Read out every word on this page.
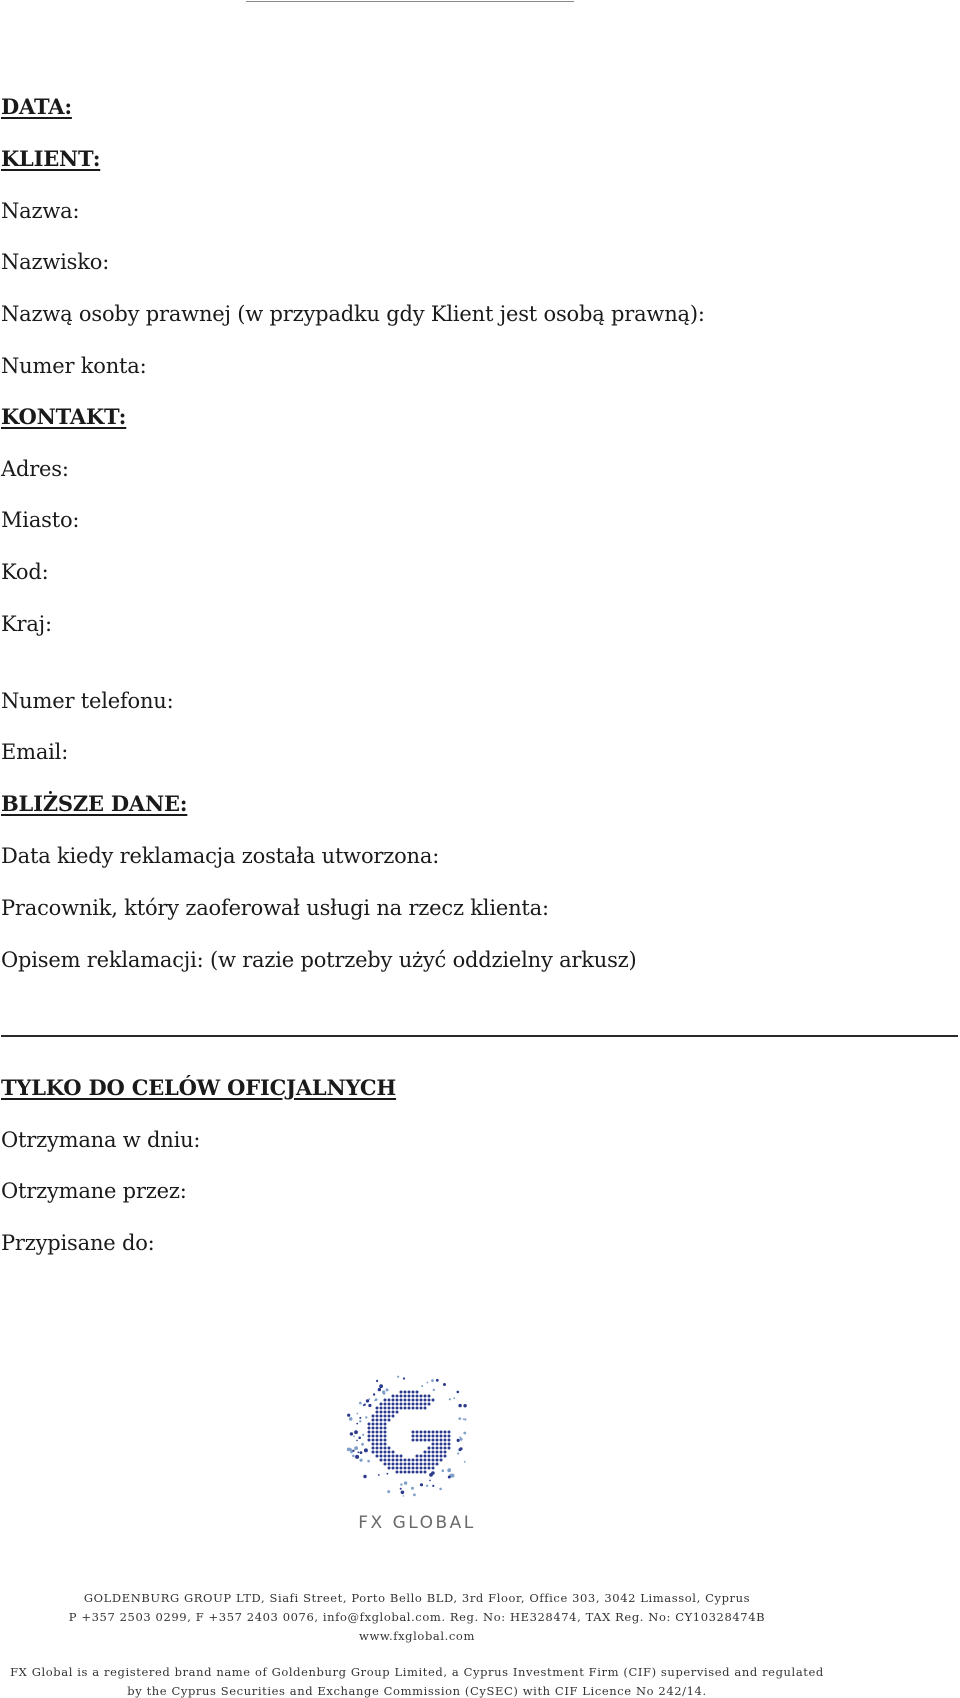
DATA:
KLIENT:
Nazwa:
Nazwisko:
Nazwą osoby prawnej (w przypadku gdy Klient jest osobą prawną):
Numer konta:
KONTAKT:
Adres:
Miasto:
Kod:
Kraj:
Numer telefonu:
Email:
BLIŻSZE DANE:
Data kiedy reklamacja została utworzona:
Pracownik, który zaoferował usługi na rzecz klienta:
Opisem reklamacji: (w razie potrzeby użyć oddzielny arkusz)
TYLKO DO CELÓW OFICJALNYCH
Otrzymana w dniu:
Otrzymane przez:
Przypisane do:
FX GLOBAL
GOLDENBURG GROUP LTD, Siafi Street, Porto Bello BLD, 3rd Floor, Office 303, 3042 Limassol, Cyprus
P +357 2503 0299, F +357 2403 0076, info@fxglobal.com. Reg. No: HE328474, TAX Reg. No: CY10328474B
www.fxglobal.com
FX Global is a registered brand name of Goldenburg Group Limited, a Cyprus Investment Firm (CIF) supervised and regulated
by the Cyprus Securities and Exchange Commission (CySEC) with CIF Licence No 242/14.
